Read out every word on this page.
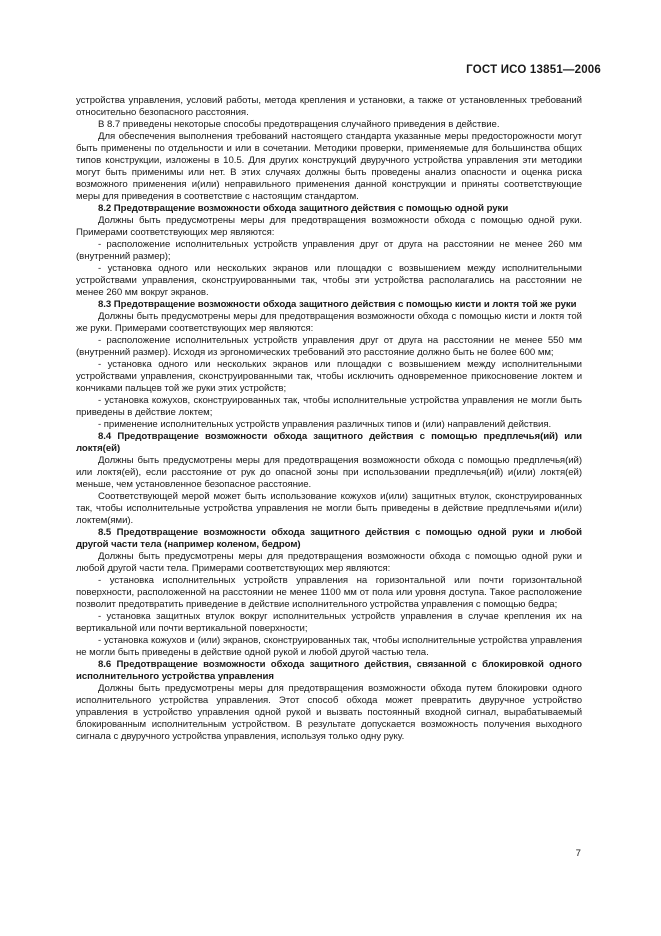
ГОСТ ИСО 13851—2006

устройства управления, условий работы, метода крепления и установки, а также от установленных требований относительно безопасного расстояния.

В 8.7 приведены некоторые способы предотвращения случайного приведения в действие.

Для обеспечения выполнения требований настоящего стандарта указанные меры предосторожности могут быть применены по отдельности и или в сочетании. Методики проверки, применяемые для большинства общих типов конструкции, изложены в 10.5. Для других конструкций двуручного устройства управления эти методики могут быть применимы или нет. В этих случаях должны быть проведены анализ опасности и оценка риска возможного применения и(или) неправильного применения данной конструкции и приняты соответствующие меры для приведения в соответствие с настоящим стандартом.

8.2 Предотвращение возможности обхода защитного действия с помощью одной руки

Должны быть предусмотрены меры для предотвращения возможности обхода с помощью одной руки. Примерами соответствующих мер являются:

- расположение исполнительных устройств управления друг от друга на расстоянии не менее 260 мм (внутренний размер);

- установка одного или нескольких экранов или площадки с возвышением между исполнительными устройствами управления, сконструированными так, чтобы эти устройства располагались на расстоянии не менее 260 мм вокруг экранов.

8.3 Предотвращение возможности обхода защитного действия с помощью кисти и локтя той же руки

Должны быть предусмотрены меры для предотвращения возможности обхода с помощью кисти и локтя той же руки. Примерами соответствующих мер являются:

- расположение исполнительных устройств управления друг от друга на расстоянии не менее 550 мм (внутренний размер). Исходя из эргономических требований это расстояние должно быть не более 600 мм;

- установка одного или нескольких экранов или площадки с возвышением между исполнительными устройствами управления, сконструированными так, чтобы исключить одновременное прикосновение локтем и кончиками пальцев той же руки этих устройств;

- установка кожухов, сконструированных так, чтобы исполнительные устройства управления не могли быть приведены в действие локтем;

- применение исполнительных устройств управления различных типов и (или) направлений действия.

8.4 Предотвращение возможности обхода защитного действия с помощью предплечья(ий) или локтя(ей)

Должны быть предусмотрены меры для предотвращения возможности обхода с помощью предплечья(ий) или локтя(ей), если расстояние от рук до опасной зоны при использовании предплечья(ий) и(или) локтя(ей) меньше, чем установленное безопасное расстояние.

Соответствующей мерой может быть использование кожухов и(или) защитных втулок, сконструированных так, чтобы исполнительные устройства управления не могли быть приведены в действие предплечьями и(или) локтем(ями).

8.5 Предотвращение возможности обхода защитного действия с помощью одной руки и любой другой части тела (например коленом, бедром)

Должны быть предусмотрены меры для предотвращения возможности обхода с помощью одной руки и любой другой части тела. Примерами соответствующих мер являются:

- установка исполнительных устройств управления на горизонтальной или почти горизонтальной поверхности, расположенной на расстоянии не менее 1100 мм от пола или уровня доступа. Такое расположение позволит предотвратить приведение в действие исполнительного устройства управления с помощью бедра;

- установка защитных втулок вокруг исполнительных устройств управления в случае крепления их на вертикальной или почти вертикальной поверхности;

- установка кожухов и (или) экранов, сконструированных так, чтобы исполнительные устройства управления не могли быть приведены в действие одной рукой и любой другой частью тела.

8.6 Предотвращение возможности обхода защитного действия, связанной с блокировкой одного исполнительного устройства управления

Должны быть предусмотрены меры для предотвращения возможности обхода путем блокировки одного исполнительного устройства управления. Этот способ обхода может превратить двуручное устройство управления в устройство управления одной рукой и вызвать постоянный входной сигнал, вырабатываемый блокированным исполнительным устройством. В результате допускается возможность получения выходного сигнала с двуручного устройства управления, используя только одну руку.

7
